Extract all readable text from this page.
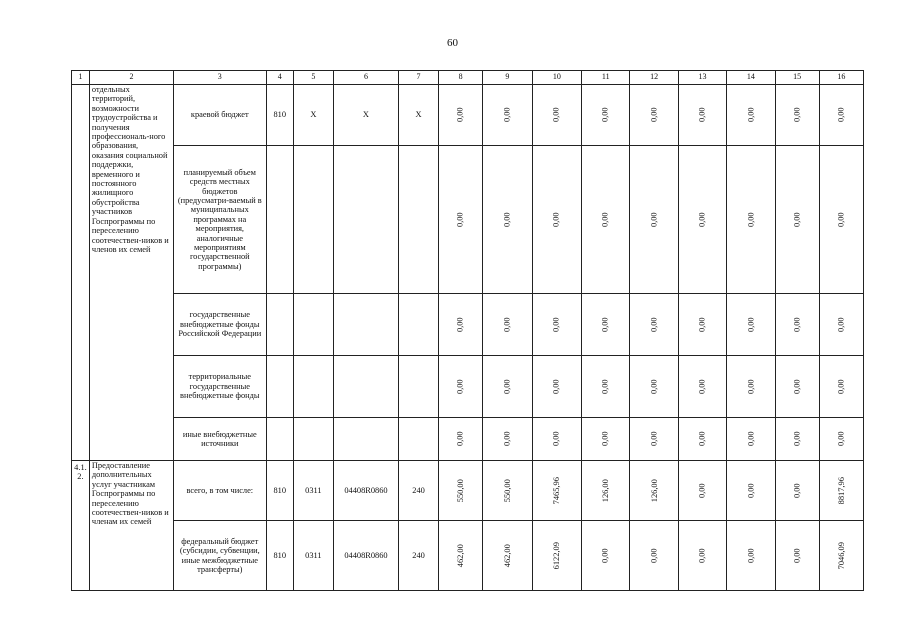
60
1	2	3	4	5	6	7	8	9	10	11	12	13	14	15	16
	отдельных территорий, возможности трудоустройства и получения профессиональ-ного образования, оказания социальной поддержки, временного и постоянного жилищного обустройства участников Госпрограммы по переселению соотечествен-ников и членов их семей	краевой бюджет	810	X	X	X	0,00	0,00	0,00	0,00	0,00	0,00	0,00	0,00	0,00
		планируемый объем средств местных бюджетов (предусматри-ваемый в муниципальных программах на мероприятия, аналогичные мероприятиям государственной программы)					0,00	0,00	0,00	0,00	0,00	0,00	0,00	0,00	0,00
		государственные внебюджетные фонды Российской Федерации					0,00	0,00	0,00	0,00	0,00	0,00	0,00	0,00	0,00
		территориальные государственные внебюджетные фонды					0,00	0,00	0,00	0,00	0,00	0,00	0,00	0,00	0,00
		иные внебюджетные источники					0,00	0,00	0,00	0,00	0,00	0,00	0,00	0,00	0,00
4.1. 2.	Предоставление дополнительных услуг участникам Госпрограммы по переселению соотечествен-ников и членам их семей	всего, в том числе:	810	0311	04408R0860	240	550,00	550,00	7465,96	126,00	126,00	0,00	0,00	0,00	8817,96
		федеральный бюджет (субсидии, субвенции, иные межбюджетные трансферты)	810	0311	04408R0860	240	462,00	462,00	6122,09	0,00	0,00	0,00	0,00	0,00	7046,09
